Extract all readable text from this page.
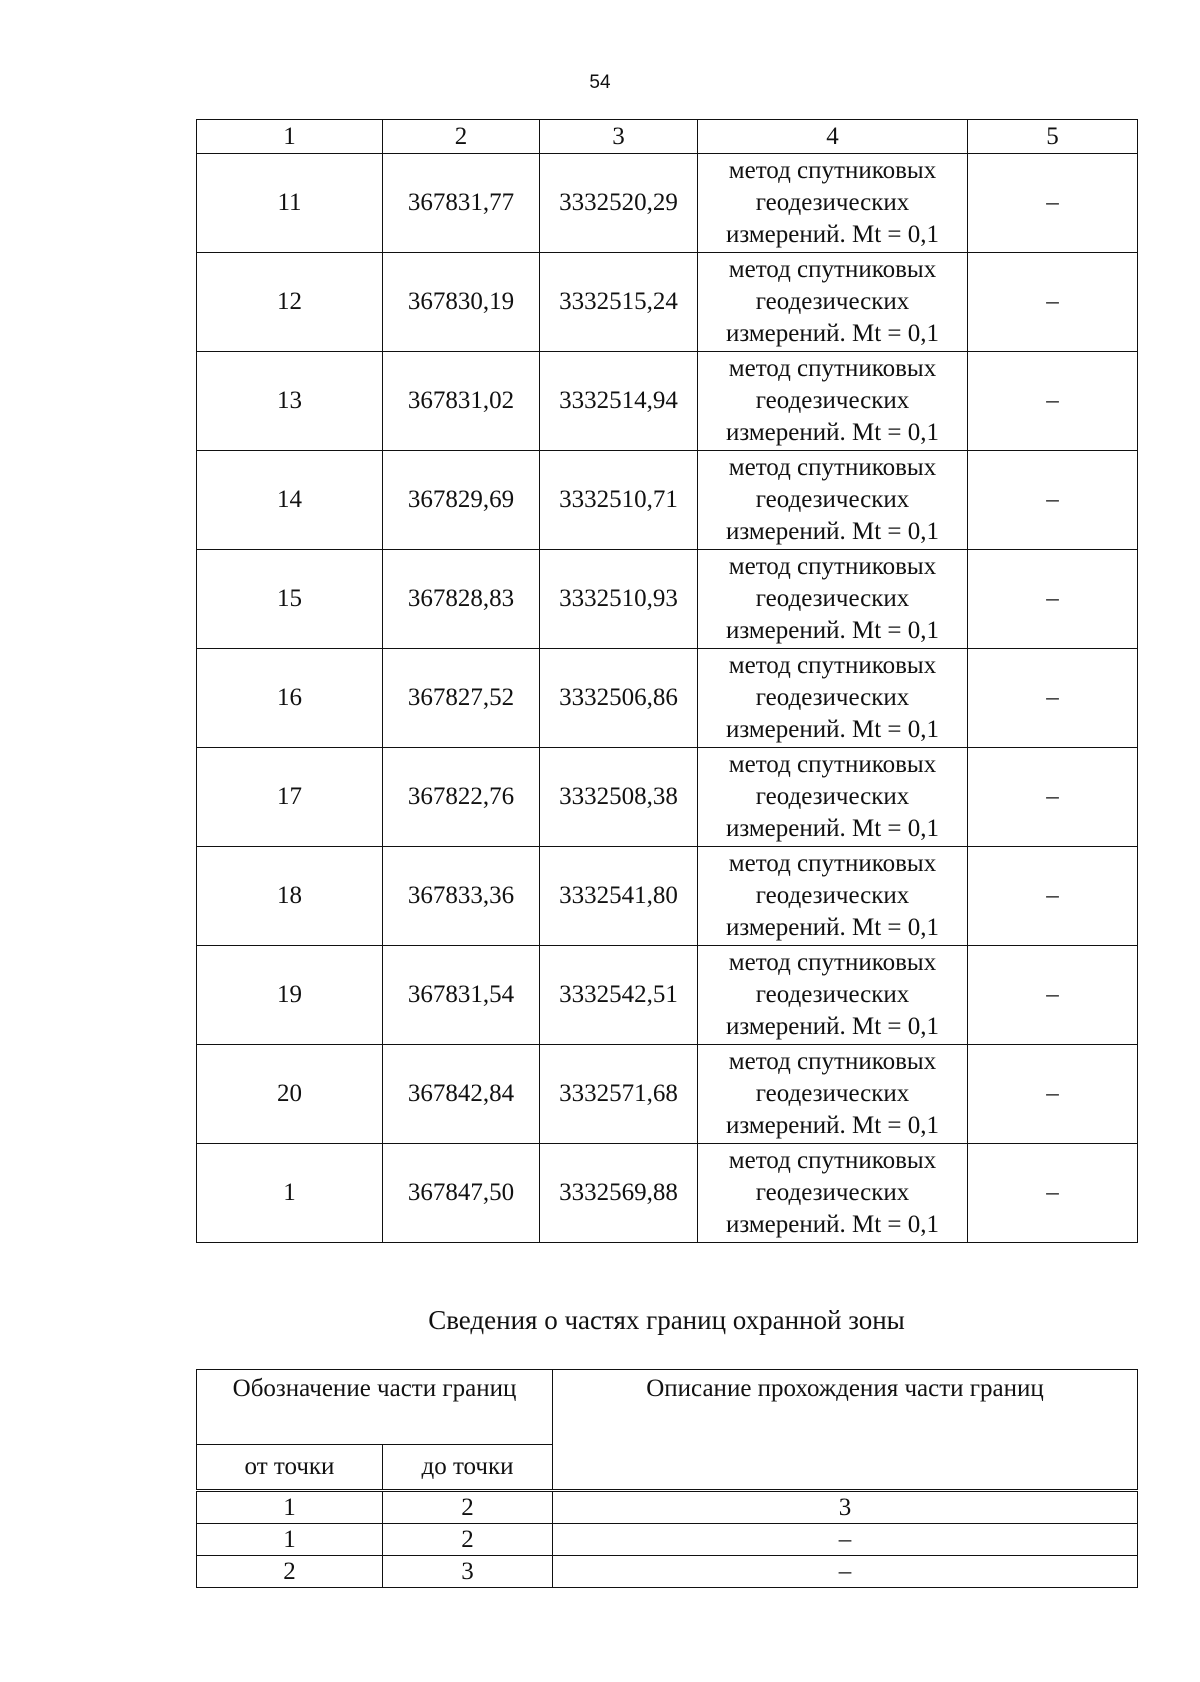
54
1	2	3	4	5
11	367831,77	3332520,29	метод спутниковых
геодезических
измерений. Mt = 0,1	–
12	367830,19	3332515,24	метод спутниковых
геодезических
измерений. Mt = 0,1	–
13	367831,02	3332514,94	метод спутниковых
геодезических
измерений. Mt = 0,1	–
14	367829,69	3332510,71	метод спутниковых
геодезических
измерений. Mt = 0,1	–
15	367828,83	3332510,93	метод спутниковых
геодезических
измерений. Mt = 0,1	–
16	367827,52	3332506,86	метод спутниковых
геодезических
измерений. Mt = 0,1	–
17	367822,76	3332508,38	метод спутниковых
геодезических
измерений. Mt = 0,1	–
18	367833,36	3332541,80	метод спутниковых
геодезических
измерений. Mt = 0,1	–
19	367831,54	3332542,51	метод спутниковых
геодезических
измерений. Mt = 0,1	–
20	367842,84	3332571,68	метод спутниковых
геодезических
измерений. Mt = 0,1	–
1	367847,50	3332569,88	метод спутниковых
геодезических
измерений. Mt = 0,1	–
Сведения о частях границ охранной зоны
Обозначение части границ		Описание прохождения части границ
от точки	до точки	
1	2	3
1	2	–
2	3	–
